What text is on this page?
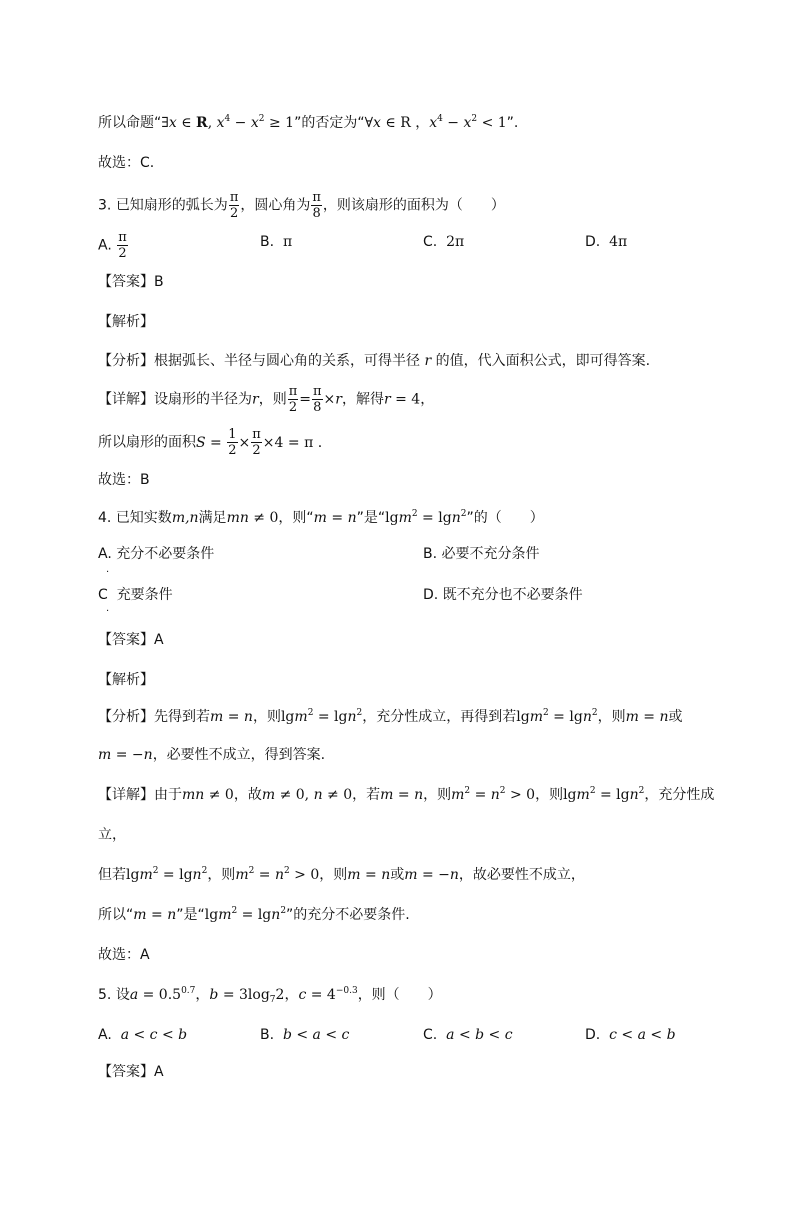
所以命题“∃x ∈ R, $x^4 - x^2 \ge 1$”的否定为“∀x ∈ R ，$x^4 - x^2 < 1$”.
故选：C.
3. 已知扇形的弧长为 $\frac{\pi}{2}$ ，圆心角为 $\frac{\pi}{8}$ ，则该扇形的面积为（　　）
A. $\frac{\pi}{2}$	B. π	C. 2π	D. 4π
【答案】B
【解析】
【分析】根据弧长、半径与圆心角的关系，可得半径 r 的值，代入面积公式，即可得答案.
【详解】设扇形的半径为r，则 $\frac{\pi}{2} = \frac{\pi}{8} \times r$，解得r = 4，
所以扇形的面积$S = \frac{1}{2} \times \frac{\pi}{2} \times 4 = \pi$ .
故选：B
4. 已知实数m,n满足mn ≠ 0，则“m = n”是“lgm$^2$ = lgn$^2$”的（　　）
A. 充分不必要条件
.
B. 必要不充分条件
C 充要条件
.
D. 既不充分也不必要条件
【答案】A
【解析】
【分析】先得到若m = n，则lgm$^2$ = lgn$^2$，充分性成立，再得到若lgm$^2$ = lgn$^2$，则m = n或
m = −n，必要性不成立，得到答案.
【详解】由于mn ≠ 0，故m ≠ 0, n ≠ 0，若m = n，则$m^2 = n^2 > 0$，则lgm$^2$ = lgn$^2$，充分性成
立，
但若lgm$^2$ = lgn$^2$，则$m^2 = n^2 > 0$，则m = n或m = −n，故必要性不成立，
所以“m = n”是“lgm$^2$ = lgn$^2$”的充分不必要条件.
故选：A
5. 设$a = 0.5^{0.7}$，$b = 3\log_72$，$c = 4^{-0.3}$，则（　　）
A. a < c < b	B. b < a < c	C. a < b < c	D. c < a < b
【答案】A
